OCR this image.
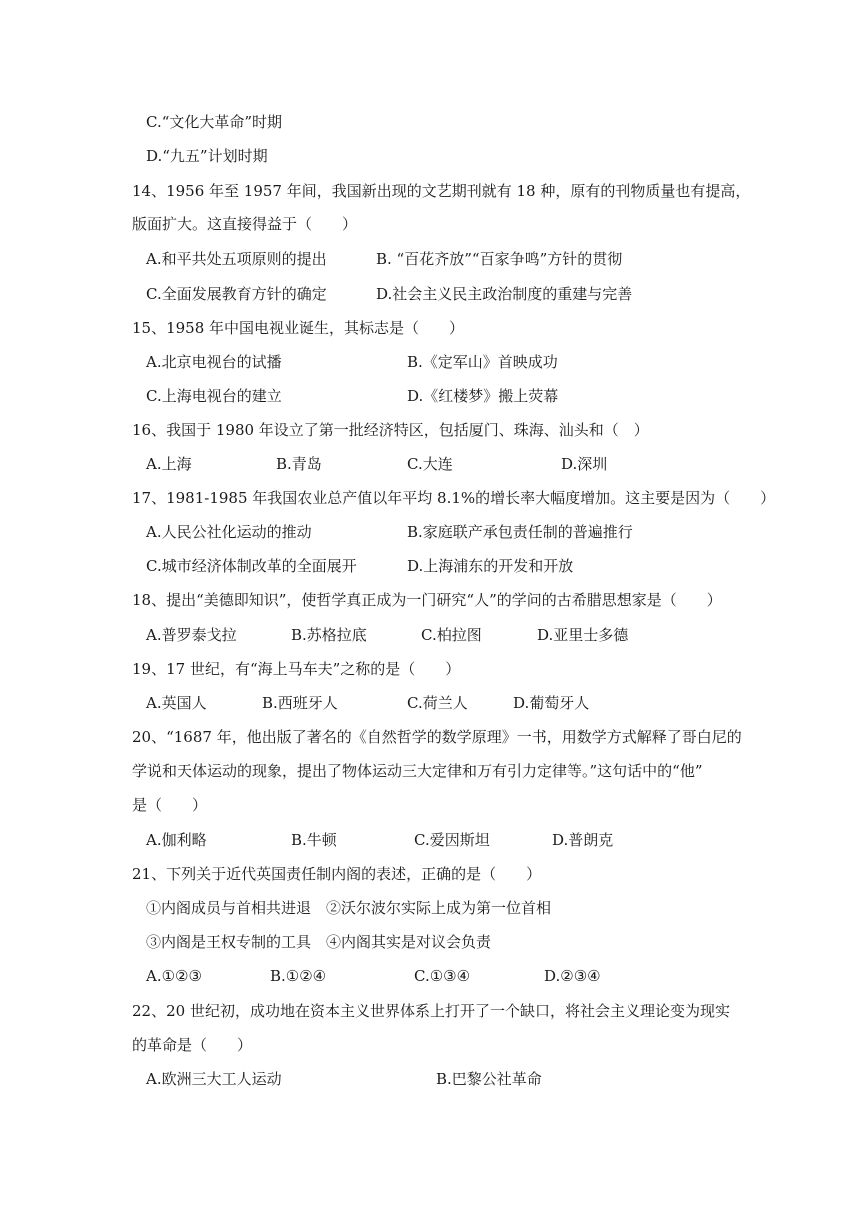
C.“文化大革命”时期
D.“九五”计划时期
14、1956 年至 1957 年间，我国新出现的文艺期刊就有 18 种，原有的刊物质量也有提高，
版面扩大。这直接得益于（　　）
A.和平共处五项原则的提出	B. “百花齐放”“百家争鸣”方针的贯彻
C.全面发展教育方针的确定	D.社会主义民主政治制度的重建与完善
15、1958 年中国电视业诞生，其标志是（　　）
A.北京电视台的试播	B.《定军山》首映成功
C.上海电视台的建立	D.《红楼梦》搬上荧幕
16、我国于 1980 年设立了第一批经济特区，包括厦门、珠海、汕头和（　）
A.上海	B.青岛	C.大连	D.深圳
17、1981-1985 年我国农业总产值以年平均 8.1%的增长率大幅度增加。这主要是因为（　　）
A.人民公社化运动的推动	B.家庭联产承包责任制的普遍推行
C.城市经济体制改革的全面展开	D.上海浦东的开发和开放
18、提出“美德即知识”，使哲学真正成为一门研究“人”的学问的古希腊思想家是（　　）
A.普罗泰戈拉	B.苏格拉底	C.柏拉图	D.亚里士多德
19、17 世纪，有“海上马车夫”之称的是（　　）
A.英国人	B.西班牙人	C.荷兰人	D.葡萄牙人
20、“1687 年，他出版了著名的《自然哲学的数学原理》一书，用数学方式解释了哥白尼的
学说和天体运动的现象，提出了物体运动三大定律和万有引力定律等。”这句话中的“他”
是（　　）
A.伽利略	B.牛顿	C.爱因斯坦	D.普朗克
21、下列关于近代英国责任制内阁的表述，正确的是（　　）
①内阁成员与首相共进退　②沃尔波尔实际上成为第一位首相
③内阁是王权专制的工具　④内阁其实是对议会负责
A.①②③	B.①②④	C.①③④	D.②③④
22、20 世纪初，成功地在资本主义世界体系上打开了一个缺口，将社会主义理论变为现实
的革命是（　　）
A.欧洲三大工人运动	B.巴黎公社革命
